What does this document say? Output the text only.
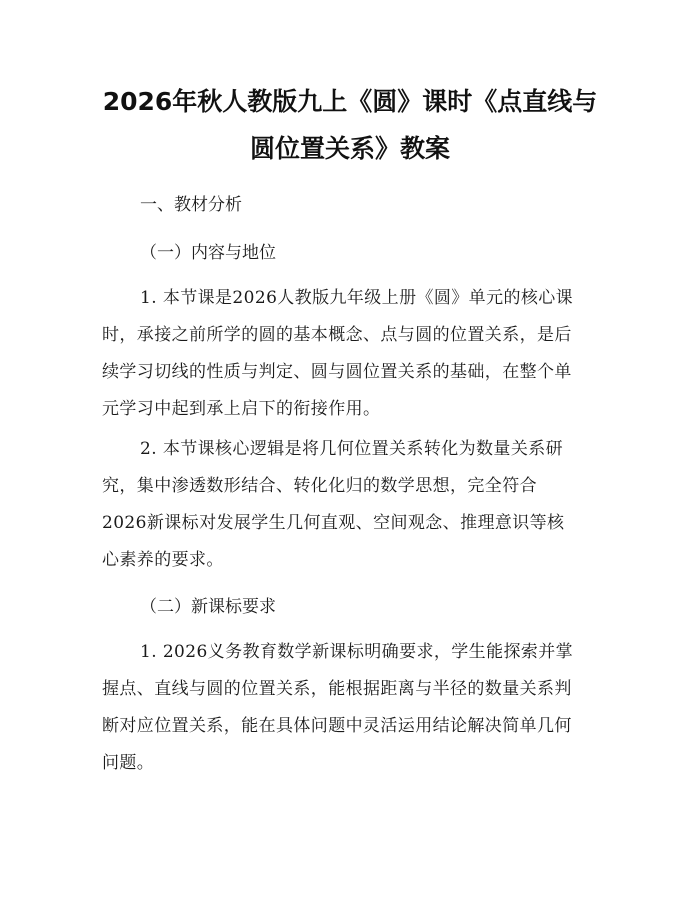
2026年秋人教版九上《圆》课时《点直线与
圆位置关系》教案
一、教材分析
（一）内容与地位
1. 本节课是2026人教版九年级上册《圆》单元的核心课
时，承接之前所学的圆的基本概念、点与圆的位置关系，是后
续学习切线的性质与判定、圆与圆位置关系的基础，在整个单
元学习中起到承上启下的衔接作用。
2. 本节课核心逻辑是将几何位置关系转化为数量关系研
究，集中渗透数形结合、转化化归的数学思想，完全符合
2026新课标对发展学生几何直观、空间观念、推理意识等核
心素养的要求。
（二）新课标要求
1. 2026义务教育数学新课标明确要求，学生能探索并掌
握点、直线与圆的位置关系，能根据距离与半径的数量关系判
断对应位置关系，能在具体问题中灵活运用结论解决简单几何
问题。
